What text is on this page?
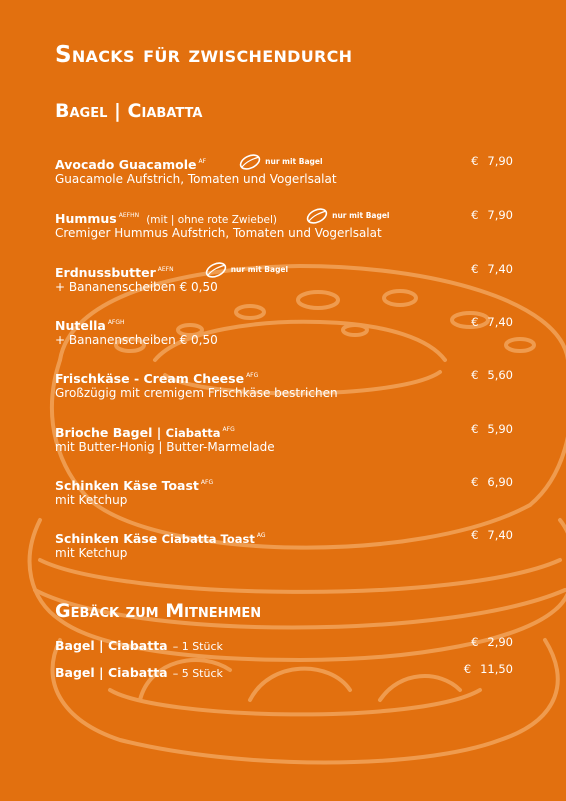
Snacks für zwischendurch
Bagel | Ciabatta
Avocado Guacamole $^{AF}$	nur mit Bagel	€ 7,90
Guacamole Aufstrich, Tomaten und Vogerlsalat
Hummus $^{AEFHN}$ (mit | ohne rote Zwiebel)	nur mit Bagel	€ 7,90
Cremiger Hummus Aufstrich, Tomaten und Vogerlsalat
Erdnussbutter $^{AEFN}$	nur mit Bagel	€ 7,40
+ Bananenscheiben € 0,50
Nutella $^{AFGH}$	€ 7,40
+ Bananenscheiben € 0,50
Frischkäse - Cream Cheese $^{AFG}$	€ 5,60
Großzügig mit cremigem Frischkäse bestrichen
Brioche Bagel | Ciabatta $^{AFG}$	€ 5,90
mit Butter-Honig | Butter-Marmelade
Schinken Käse Toast $^{AFG}$	€ 6,90
mit Ketchup
Schinken Käse Ciabatta Toast $^{AG}$	€ 7,40
mit Ketchup
Gebäck zum Mitnehmen
Bagel | Ciabatta – 1 Stück	€ 2,90
Bagel | Ciabatta – 5 Stück	€ 11,50
